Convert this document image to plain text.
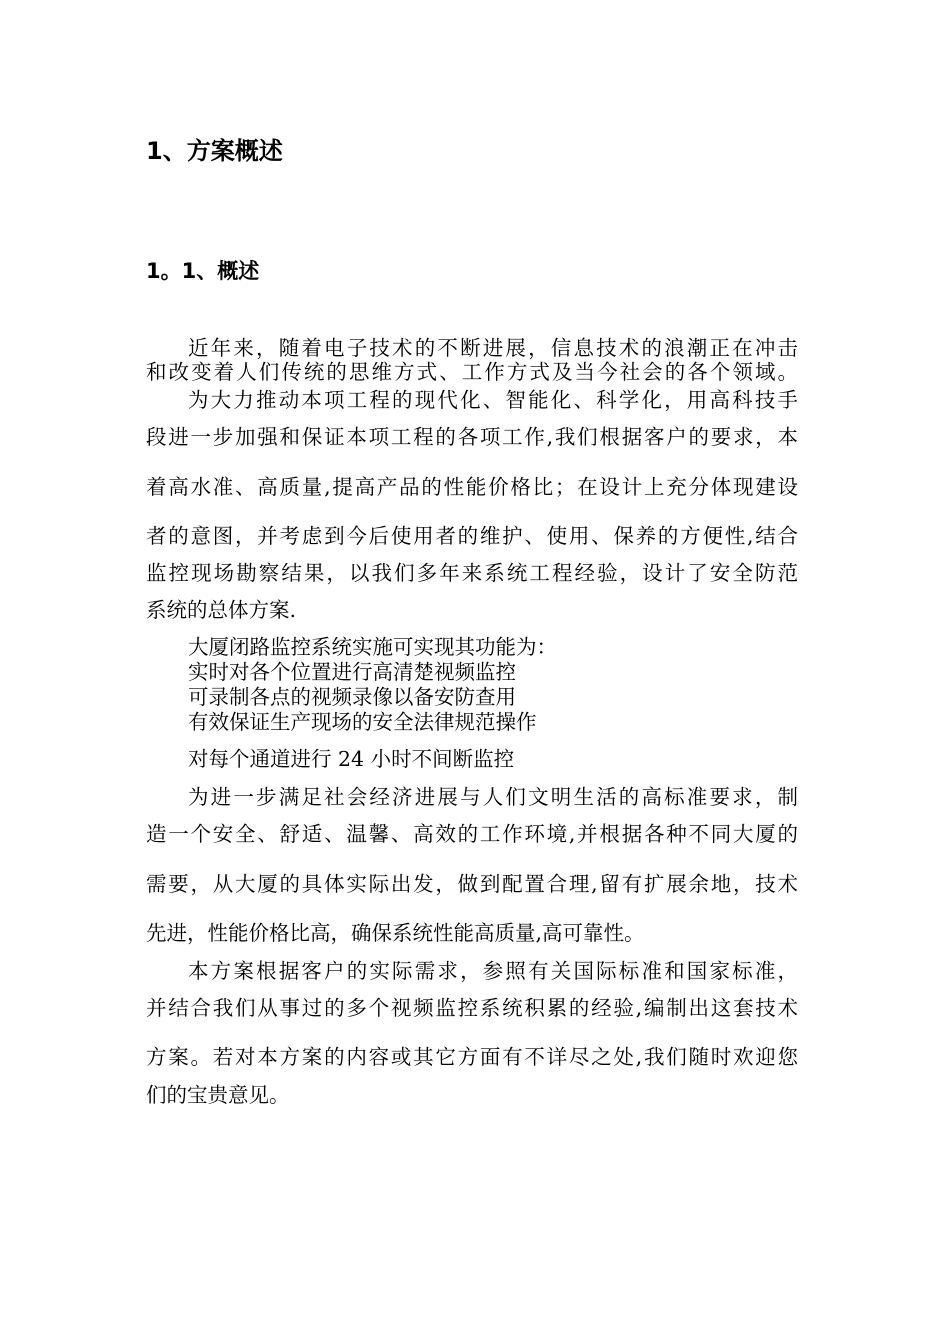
1、方案概述
1。1、概述

近年来，随着电子技术的不断进展，信息技术的浪潮正在冲击

和改变着人们传统的思维方式、工作方式及当今社会的各个领域。

为大力推动本项工程的现代化、智能化、科学化，用高科技手

段进一步加强和保证本项工程的各项工作,我们根据客户的要求，本

着高水准、高质量,提高产品的性能价格比；在设计上充分体现建设

者的意图，并考虑到今后使用者的维护、使用、保养的方便性,结合

监控现场勘察结果，以我们多年来系统工程经验，设计了安全防范

系统的总体方案.

大厦闭路监控系统实施可实现其功能为：

实时对各个位置进行高清楚视频监控

可录制各点的视频录像以备安防查用

有效保证生产现场的安全法律规范操作

对每个通道进行 24 小时不间断监控

为进一步满足社会经济进展与人们文明生活的高标准要求，制

造一个安全、舒适、温馨、高效的工作环境,并根据各种不同大厦的

需要，从大厦的具体实际出发，做到配置合理,留有扩展余地，技术

先进，性能价格比高，确保系统性能高质量,高可靠性。

本方案根据客户的实际需求，参照有关国际标准和国家标准，

并结合我们从事过的多个视频监控系统积累的经验,编制出这套技术

方案。若对本方案的内容或其它方面有不详尽之处,我们随时欢迎您

们的宝贵意见。
